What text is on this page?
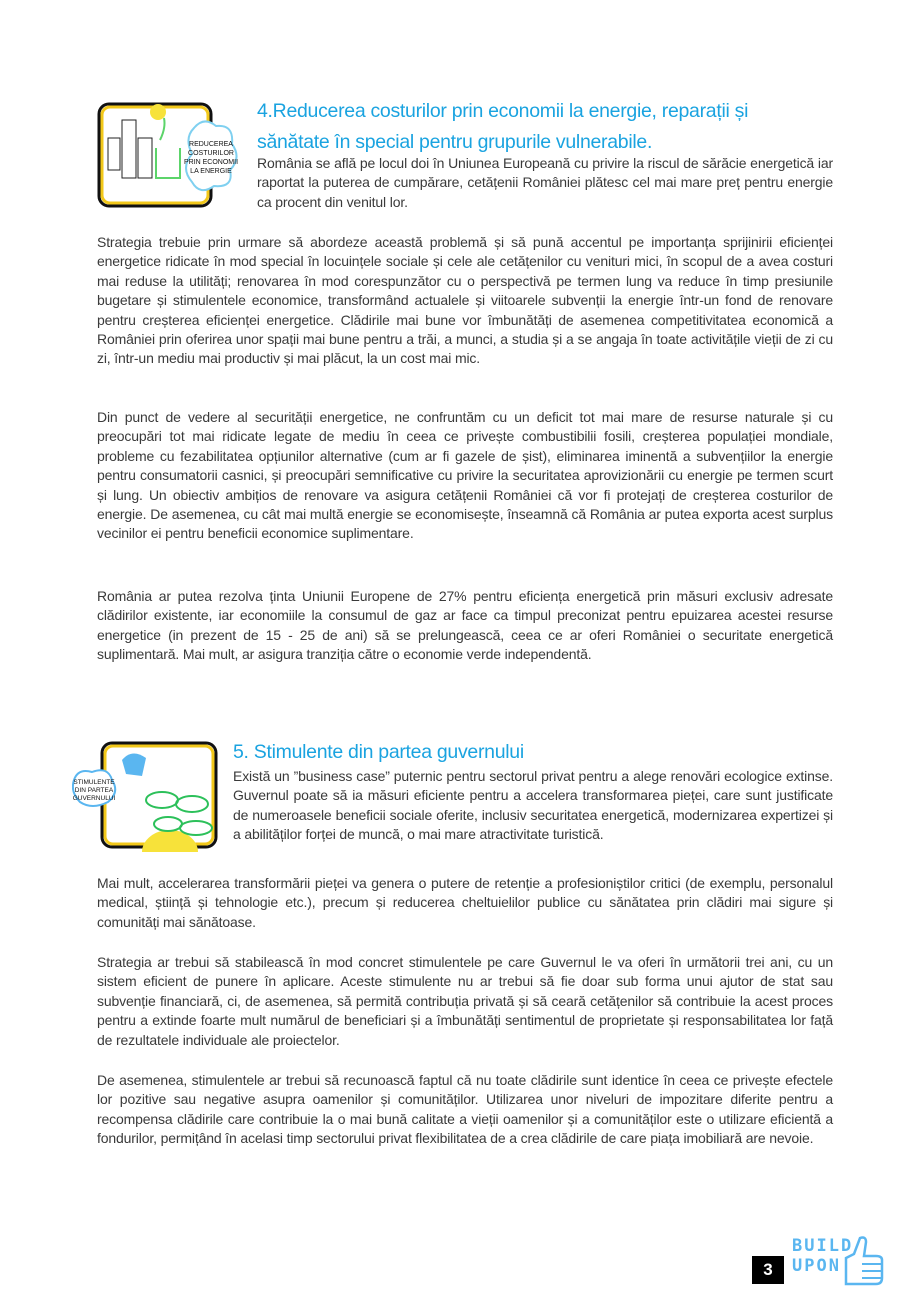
REDUCEREA
COSTURILOR
PRIN ECONOMII
LA ENERGIE
4.Reducerea costurilor prin economii la energie, reparații și
sănătate în special pentru grupurile vulnerabile.
România se află pe locul doi în Uniunea Europeană cu privire la riscul de sărăcie energetică iar raportat la puterea de cumpărare, cetățenii României plătesc cel mai mare preț pentru energie ca procent din venitul lor.
Strategia trebuie prin urmare să abordeze această problemă și să pună accentul pe importanța sprijinirii eficienței energetice ridicate în mod special în locuințele sociale și cele ale cetățenilor cu venituri mici, în scopul de a avea costuri mai reduse la utilități; renovarea în mod corespunzător cu o perspectivă pe termen lung va reduce în timp presiunile bugetare și stimulentele economice, transformând actualele și viitoarele subvenții la energie într-un fond de renovare pentru creșterea eficienței energetice. Clădirile mai bune vor îmbunătăți de asemenea competitivitatea economică a României prin oferirea unor spații mai bune pentru a trăi, a munci, a studia și a se angaja în toate activitățile vieții de zi cu zi, într-un mediu mai productiv și mai plăcut, la un cost mai mic.
Din punct de vedere al securității energetice, ne confruntăm cu un deficit tot mai mare de resurse naturale și cu preocupări tot mai ridicate legate de mediu în ceea ce privește combustibilii fosili, creșterea populației mondiale, probleme cu fezabilitatea opțiunilor alternative (cum ar fi gazele de șist), eliminarea iminentă a subvențiilor la energie pentru consumatorii casnici, și preocupări semnificative cu privire la securitatea aprovizionării cu energie pe termen scurt și lung. Un obiectiv ambițios de renovare va asigura cetățenii României că vor fi protejați de creșterea costurilor de energie. De asemenea, cu cât mai multă energie se economisește, înseamnă că România ar putea exporta acest surplus vecinilor ei pentru beneficii economice suplimentare.
România ar putea rezolva ținta Uniunii Europene de 27% pentru eficiența energetică prin măsuri exclusiv adresate clădirilor existente, iar economiile la consumul de gaz ar face ca timpul preconizat pentru epuizarea acestei resurse energetice (in prezent de 15 - 25 de ani) să se prelungească, ceea ce ar oferi României o securitate energetică suplimentară. Mai mult, ar asigura tranziția către o economie verde independentă.
STIMULENTE
DIN PARTEA
GUVERNULUI
5. Stimulente din partea guvernului
Există un ”business case” puternic pentru sectorul privat pentru a alege renovări ecologice extinse. Guvernul poate să ia măsuri eficiente pentru a accelera transformarea pieței, care sunt justificate de numeroasele beneficii sociale oferite, inclusiv securitatea energetică, modernizarea expertizei și a abilităților forței de muncă, o mai mare atractivitate turistică.
Mai mult, accelerarea transformării pieței va genera o putere de retenție a profesioniștilor critici (de exemplu, personalul medical, știință și tehnologie etc.), precum și reducerea cheltuielilor publice cu sănătatea prin clădiri mai sigure și comunități mai sănătoase.
Strategia ar trebui să stabilească în mod concret stimulentele pe care Guvernul le va oferi în următorii trei ani, cu un sistem eficient de punere în aplicare. Aceste stimulente nu ar trebui să fie doar sub forma unui ajutor de stat sau subvenție financiară, ci, de asemenea, să permită contribuția privată și să ceară cetățenilor să contribuie la acest proces pentru a extinde foarte mult numărul de beneficiari și a îmbunătăți sentimentul de proprietate și responsabilitatea lor față de rezultatele individuale ale proiectelor.
De asemenea, stimulentele ar trebui să recunoască faptul că nu toate clădirile sunt identice în ceea ce privește efectele lor pozitive sau negative asupra oamenilor și comunităților. Utilizarea unor niveluri de impozitare diferite pentru a recompensa clădirile care contribuie la o mai bună calitate a vieții oamenilor și a comunităților este o utilizare eficientă a fondurilor, permițând în acelasi timp sectorului privat flexibilitatea de a crea clădirile de care piața imobiliară are nevoie.
3
BUILD
UPON
